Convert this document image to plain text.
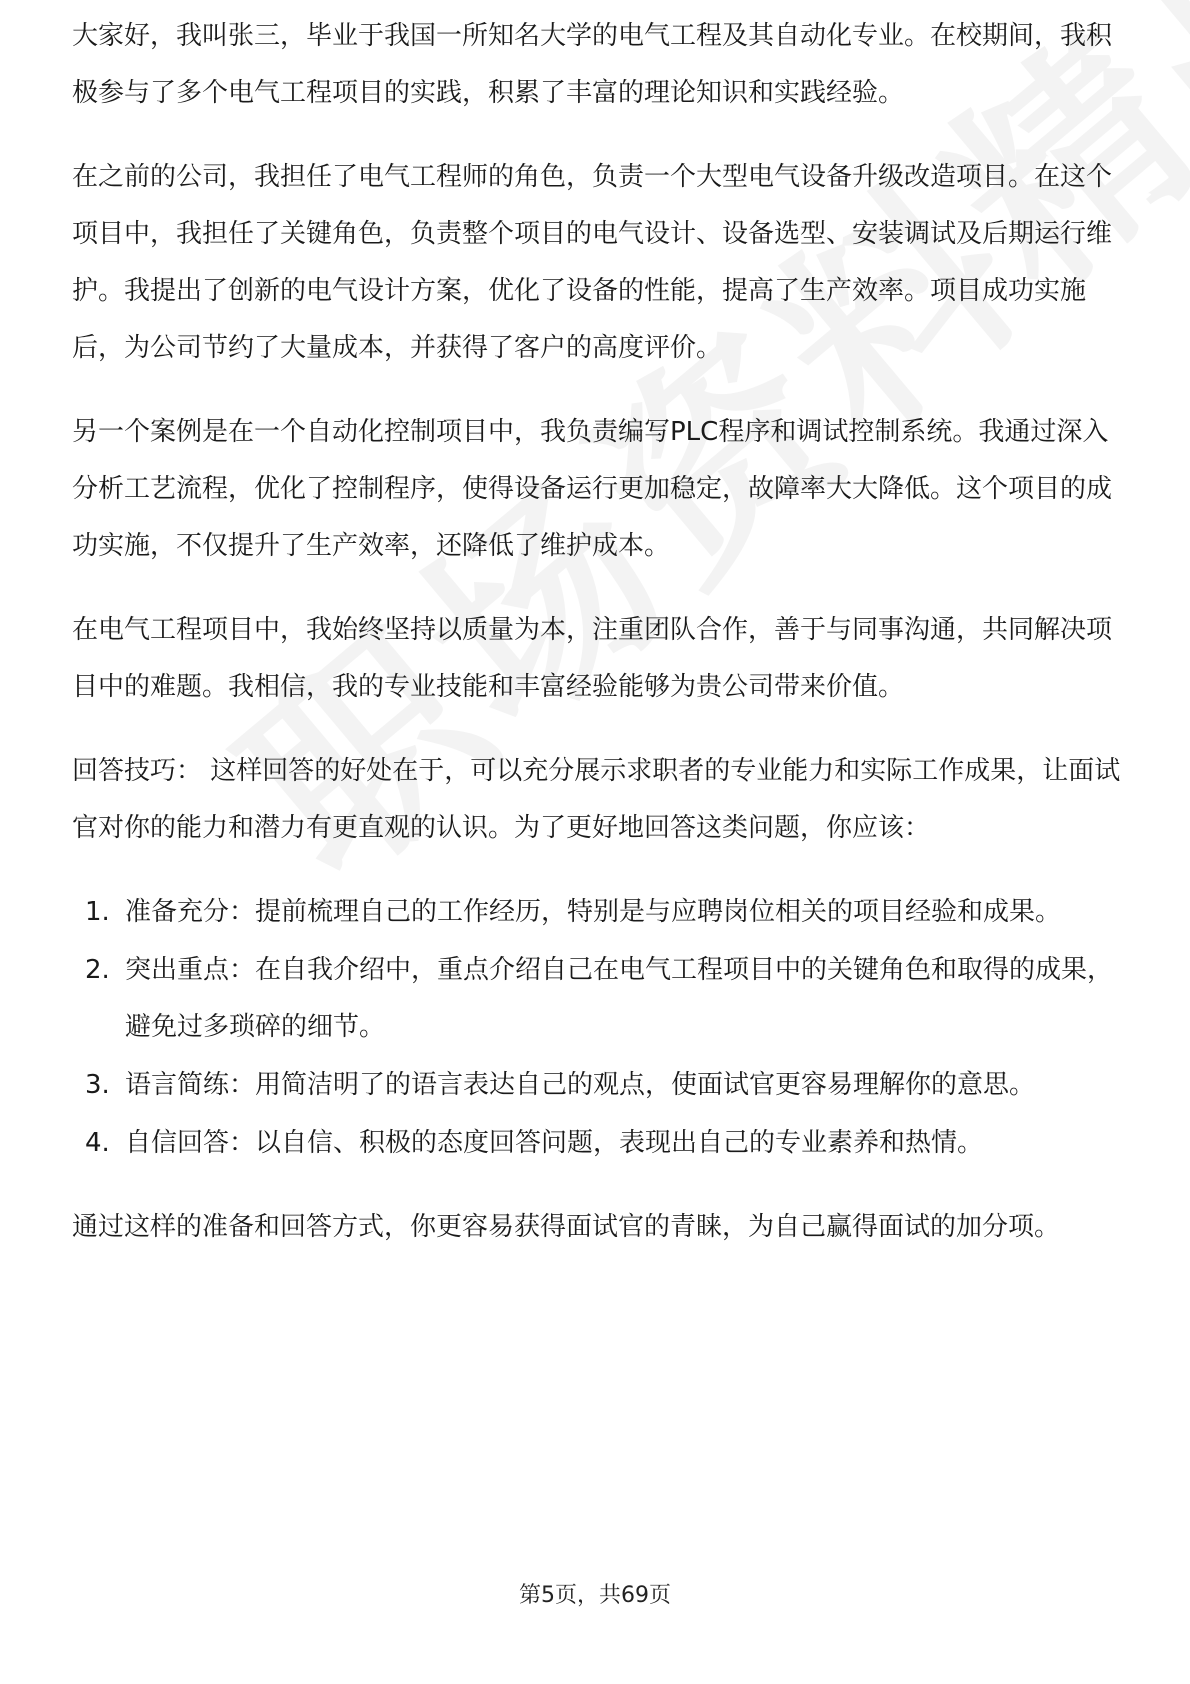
大家好，我叫张三，毕业于我国一所知名大学的电气工程及其自动化专业。在校期间，我积极参与了多个电气工程项目的实践，积累了丰富的理论知识和实践经验。

在之前的公司，我担任了电气工程师的角色，负责一个大型电气设备升级改造项目。在这个项目中，我担任了关键角色，负责整个项目的电气设计、设备选型、安装调试及后期运行维护。我提出了创新的电气设计方案，优化了设备的性能，提高了生产效率。项目成功实施后，为公司节约了大量成本，并获得了客户的高度评价。

另一个案例是在一个自动化控制项目中，我负责编写PLC程序和调试控制系统。我通过深入分析工艺流程，优化了控制程序，使得设备运行更加稳定，故障率大大降低。这个项目的成功实施，不仅提升了生产效率，还降低了维护成本。

在电气工程项目中，我始终坚持以质量为本，注重团队合作，善于与同事沟通，共同解决项目中的难题。我相信，我的专业技能和丰富经验能够为贵公司带来价值。

回答技巧： 这样回答的好处在于，可以充分展示求职者的专业能力和实际工作成果，让面试官对你的能力和潜力有更直观的认识。为了更好地回答这类问题，你应该：

1. 准备充分：提前梳理自己的工作经历，特别是与应聘岗位相关的项目经验和成果。
2. 突出重点：在自我介绍中，重点介绍自己在电气工程项目中的关键角色和取得的成果，避免过多琐碎的细节。
3. 语言简练：用简洁明了的语言表达自己的观点，使面试官更容易理解你的意思。
4. 自信回答：以自信、积极的态度回答问题，表现出自己的专业素养和热情。

通过这样的准备和回答方式，你更容易获得面试官的青睐，为自己赢得面试的加分项。

第5页，共69页
